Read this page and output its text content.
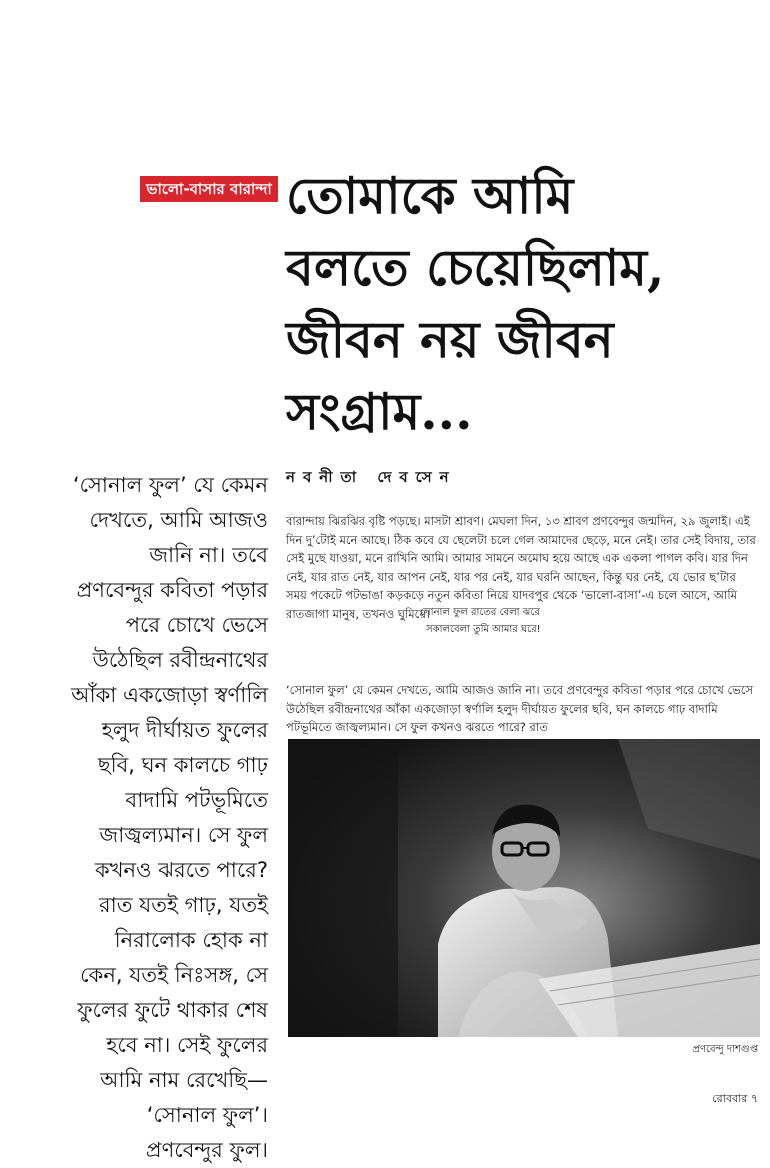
ভালো-বাসার বারান্দা তোমাকে আমি
বলতে চেয়েছিলাম,
জীবন নয় জীবন
সংগ্রাম...
নবনীতা দেবসেন
‘সোনাল ফুল’ যে কেমন
দেখতে, আমি আজও
জানি না। তবে
প্রণবেন্দুর কবিতা পড়ার
পরে চোখে ভেসে
উঠেছিল রবীন্দ্রনাথের
আঁকা একজোড়া স্বর্ণালি
হলুদ দীর্ঘায়ত ফুলের
ছবি, ঘন কালচে গাঢ়
বাদামি পটভূমিতে
জাজ্বল্যমান। সে ফুল
কখনও ঝরতে পারে?
রাত যতই গাঢ়, যতই
নিরালোক হোক না
কেন, যতই নিঃসঙ্গ, সে
ফুলের ফুটে থাকার শেষ
হবে না। সেই ফুলের
আমি নাম রেখেছি—
‘সোনাল ফুল’।
প্রণবেন্দুর ফুল।
বারান্দায় ঝিরঝির বৃষ্টি পড়ছে। মাসটা শ্রাবণ। মেঘলা দিন, ১৩ শ্রাবণ প্রণবেন্দুর জন্মদিন, ২৯ জুলাই। এই দিন দু’টোই মনে আছে। ঠিক কবে যে ছেলেটা চলে গেল আমাদের ছেড়ে, মনে নেই। তার সেই বিদায়, তার সেই মুছে যাওয়া, মনে রাখিনি আমি। আমার সামনে অমোঘ হয়ে আছে এক একলা পাগল কবি। যার দিন নেই, যার রাত নেই, যার আপন নেই, যার পর নেই, যার ঘরনি আছেন, কিন্তু ঘর নেই, যে ভোর ছ’টার সময় পকেটে পটভাঙা কড়কড়ে নতুন কবিতা নিয়ে যাদবপুর থেকে ‘ভালো-বাসা’-এ চলে আসে, আমি রাতজাগা মানুষ, তখনও ঘুমিয়ে।
সোনাল ফুল রাতের বেলা ঝরে
সকালবেলা তুমি আমার ঘরে!
‘সোনাল ফুল’ যে কেমন দেখতে, আমি আজও জানি না। তবে প্রণবেন্দুর কবিতা পড়ার পরে চোখে ভেসে উঠেছিল রবীন্দ্রনাথের আঁকা একজোড়া স্বর্ণালি হলুদ দীর্ঘায়ত ফুলের ছবি, ঘন কালচে গাঢ় বাদামি পটভূমিতে জাজ্বল্যমান। সে ফুল কখনও ঝরতে পারে? রাত
প্রণবেন্দু দাশগুপ্ত
রোববার ৭
